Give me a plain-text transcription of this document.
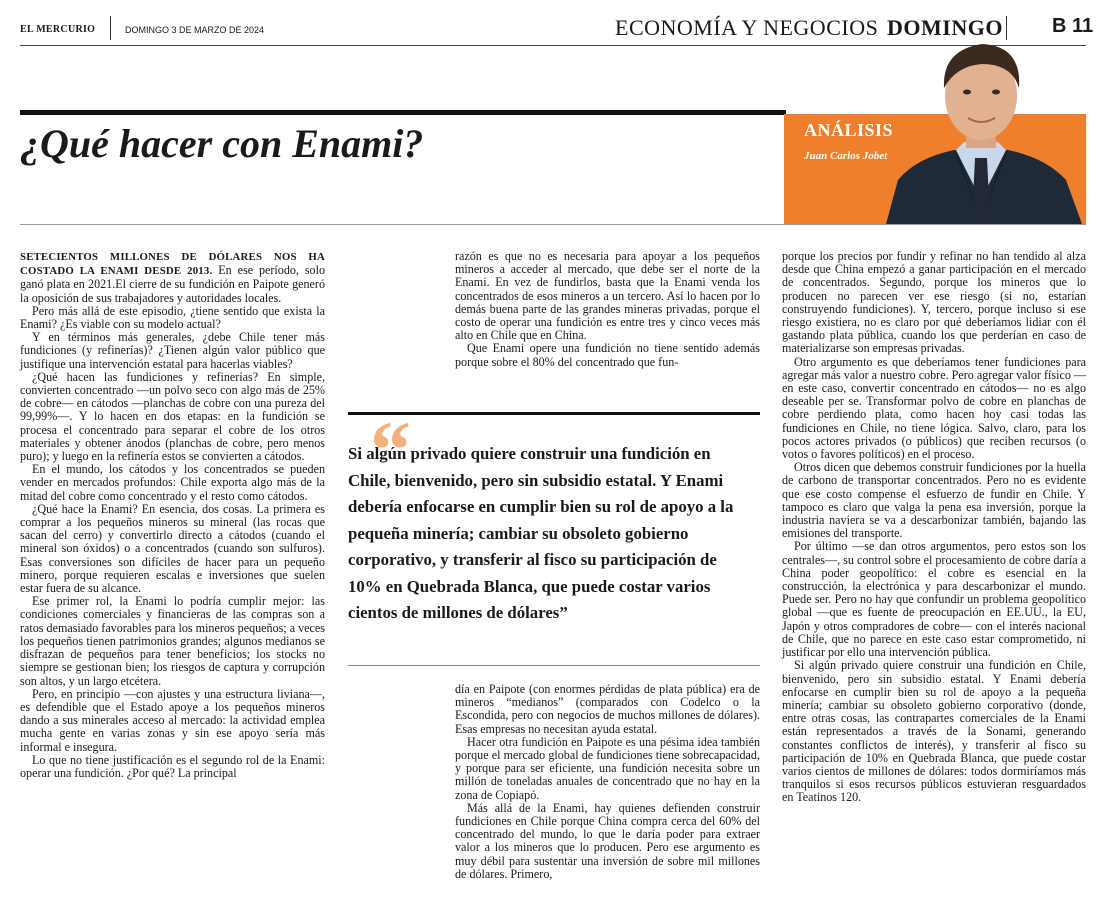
EL MERCURIO	DOMINGO 3 DE MARZO DE 2024	ECONOMÍA Y NEGOCIOS DOMINGO B 11
¿Qué hacer con Enami?	ANÁLISIS
Juan Carlos Jobet

SETECIENTOS MILLONES DE DÓLARES NOS HA COSTADO LA ENAMI DESDE 2013. En ese período, solo ganó plata en 2021.El cierre de su fundición en Paipote generó la oposición de sus trabajadores y autoridades locales.

Pero más allá de este episodio, ¿tiene sentido que exista la Enami? ¿Es viable con su modelo actual?

Y en términos más generales, ¿debe Chile tener más fundiciones (y refinerías)? ¿Tienen algún valor público que justifique una intervención estatal para hacerlas viables?

¿Qué hacen las fundiciones y refinerías? En simple, convierten concentrado —un polvo seco con algo más de 25% de cobre— en cátodos —planchas de cobre con una pureza del 99,99%—. Y lo hacen en dos etapas: en la fundición se procesa el concentrado para separar el cobre de los otros materiales y obtener ánodos (planchas de cobre, pero menos puro); y luego en la refinería estos se convierten a cátodos.

En el mundo, los cátodos y los concentrados se pueden vender en mercados profundos: Chile exporta algo más de la mitad del cobre como concentrado y el resto como cátodos.

¿Qué hace la Enami? En esencia, dos cosas. La primera es comprar a los pequeños mineros su mineral (las rocas que sacan del cerro) y convertirlo directo a cátodos (cuando el mineral son óxidos) o a concentrados (cuando son sulfuros). Esas conversiones son difíciles de hacer para un pequeño minero, porque requieren escalas e inversiones que suelen estar fuera de su alcance.

Ese primer rol, la Enami lo podría cumplir mejor: las condiciones comerciales y financieras de las compras son a ratos demasiado favorables para los mineros pequeños; a veces los pequeños tienen patrimonios grandes; algunos medianos se disfrazan de pequeños para tener beneficios; los stocks no siempre se gestionan bien; los riesgos de captura y corrupción son altos, y un largo etcétera.

Pero, en principio —con ajustes y una estructura liviana—, es defendible que el Estado apoye a los pequeños mineros dando a sus minerales acceso al mercado: la actividad emplea mucha gente en varias zonas y sin ese apoyo sería más informal e insegura.

Lo que no tiene justificación es el segundo rol de la Enami: operar una fundición. ¿Por qué? La principal

razón es que no es necesaria para apoyar a los pequeños mineros a acceder al mercado, que debe ser el norte de la Enami. En vez de fundirlos, basta que la Enami venda los concentrados de esos mineros a un tercero. Así lo hacen por lo demás buena parte de las grandes mineras privadas, porque el costo de operar una fundición es entre tres y cinco veces más alto en Chile que en China.

Que Enami opere una fundición no tiene sentido además porque sobre el 80% del concentrado que fun-

“

Si algún privado quiere construir una fundición en Chile, bienvenido, pero sin subsidio estatal. Y Enami debería enfocarse en cumplir bien su rol de apoyo a la pequeña minería; cambiar su obsoleto gobierno corporativo, y transferir al fisco su participación de 10% en Quebrada Blanca, que puede costar varios cientos de millones de dólares”

día en Paipote (con enormes pérdidas de plata pública) era de mineros “medianos” (comparados con Codelco o la Escondida, pero con negocios de muchos millones de dólares). Esas empresas no necesitan ayuda estatal.

Hacer otra fundición en Paipote es una pésima idea también porque el mercado global de fundiciones tiene sobrecapacidad, y porque para ser eficiente, una fundición necesita sobre un millón de toneladas anuales de concentrado que no hay en la zona de Copiapó.

Más allá de la Enami, hay quienes defienden construir fundiciones en Chile porque China compra cerca del 60% del concentrado del mundo, lo que le daría poder para extraer valor a los mineros que lo producen. Pero ese argumento es muy débil para sustentar una inversión de sobre mil millones de dólares. Primero,

porque los precios por fundir y refinar no han tendido al alza desde que China empezó a ganar participación en el mercado de concentrados. Segundo, porque los mineros que lo producen no parecen ver ese riesgo (si no, estarían construyendo fundiciones). Y, tercero, porque incluso si ese riesgo existiera, no es claro por qué deberíamos lidiar con él gastando plata pública, cuando los que perderían en caso de materializarse son empresas privadas.

Otro argumento es que deberíamos tener fundiciones para agregar más valor a nuestro cobre. Pero agregar valor físico —en este caso, convertir concentrado en cátodos— no es algo deseable per se. Transformar polvo de cobre en planchas de cobre perdiendo plata, como hacen hoy casi todas las fundiciones en Chile, no tiene lógica. Salvo, claro, para los pocos actores privados (o públicos) que reciben recursos (o votos o favores políticos) en el proceso.

Otros dicen que debemos construir fundiciones por la huella de carbono de transportar concentrados. Pero no es evidente que ese costo compense el esfuerzo de fundir en Chile. Y tampoco es claro que valga la pena esa inversión, porque la industria naviera se va a descarbonizar también, bajando las emisiones del transporte.

Por último —se dan otros argumentos, pero estos son los centrales—, su control sobre el procesamiento de cobre daría a China poder geopolítico: el cobre es esencial en la construcción, la electrónica y para descarbonizar el mundo. Puede ser. Pero no hay que confundir un problema geopolítico global —que es fuente de preocupación en EE.UU., la EU, Japón y otros compradores de cobre— con el interés nacional de Chile, que no parece en este caso estar comprometido, ni justificar por ello una intervención pública.

Si algún privado quiere construir una fundición en Chile, bienvenido, pero sin subsidio estatal. Y Enami debería enfocarse en cumplir bien su rol de apoyo a la pequeña minería; cambiar su obsoleto gobierno corporativo (donde, entre otras cosas, las contrapartes comerciales de la Enami están representados a través de la Sonami, generando constantes conflictos de interés), y transferir al fisco su participación de 10% en Quebrada Blanca, que puede costar varios cientos de millones de dólares: todos dormiríamos más tranquilos si esos recursos públicos estuvieran resguardados en Teatinos 120.
